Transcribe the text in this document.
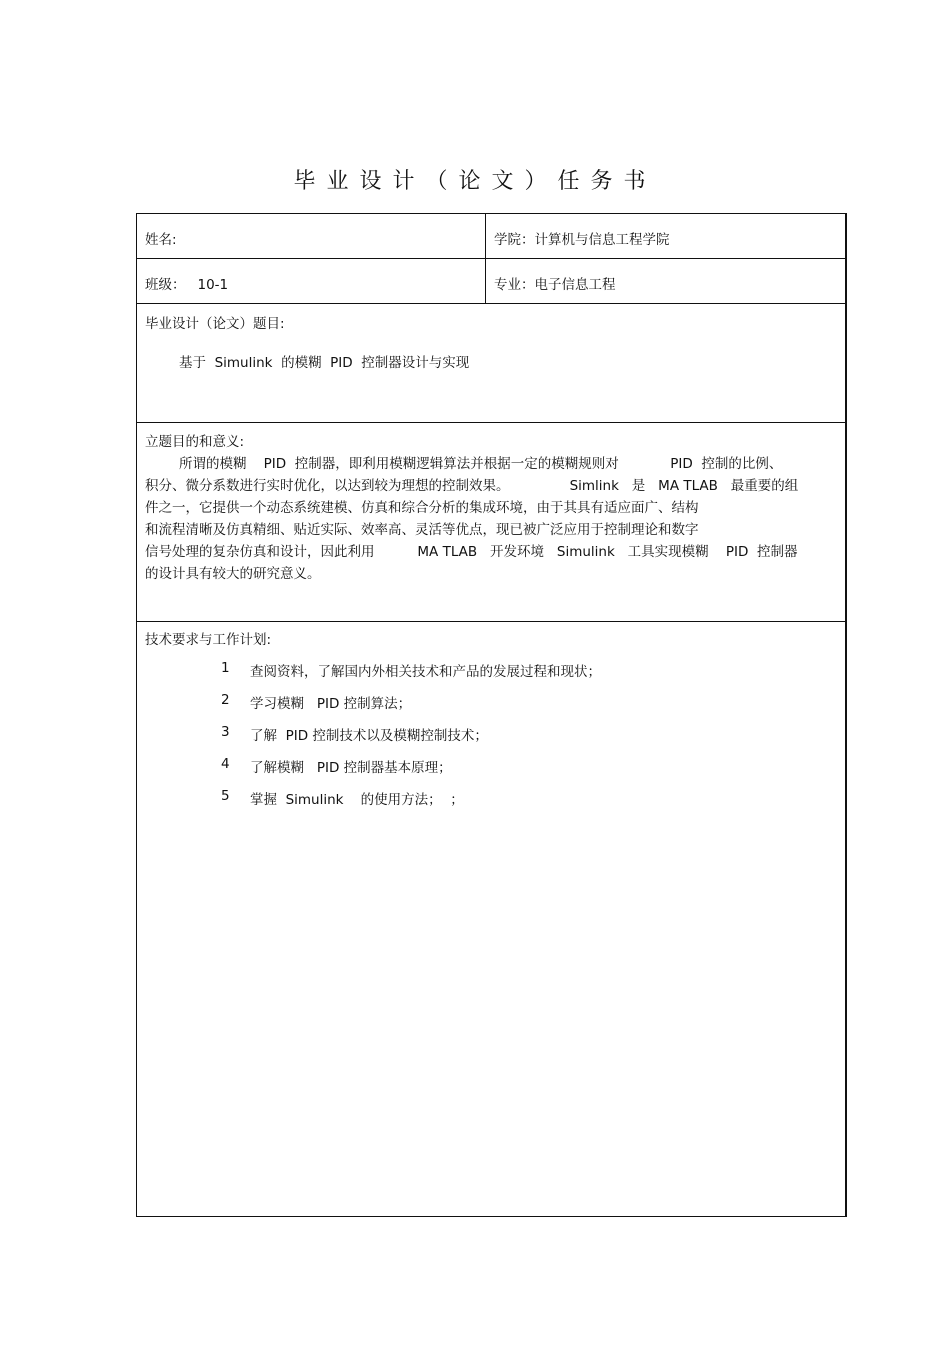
毕业设计（论文）任务书
姓名:	学院：计算机与信息工程学院
班级： 10-1	专业：电子信息工程
毕业设计（论文）题目:
基于  Simulink  的模糊  PID  控制器设计与实现
立题目的和意义:
所谓的模糊    PID  控制器，即利用模糊逻辑算法并根据一定的模糊规则对            PID  控制的比例、
积分、微分系数进行实时优化，以达到较为理想的控制效果。              Simlink   是   MA TLAB   最重要的组
件之一，它提供一个动态系统建模、仿真和综合分析的集成环境，由于其具有适应面广、结构
和流程清晰及仿真精细、贴近实际、效率高、灵活等优点，现已被广泛应用于控制理论和数字
信号处理的复杂仿真和设计，因此利用          MA TLAB   开发环境   Simulink   工具实现模糊    PID  控制器
的设计具有较大的研究意义。
技术要求与工作计划:
1 查阅资料，了解国内外相关技术和产品的发展过程和现状；
2 学习模糊   PID 控制算法；
3 了解  PID 控制技术以及模糊控制技术；
4 了解模糊   PID 控制器基本原理；
5 掌握  Simulink    的使用方法；  ；
